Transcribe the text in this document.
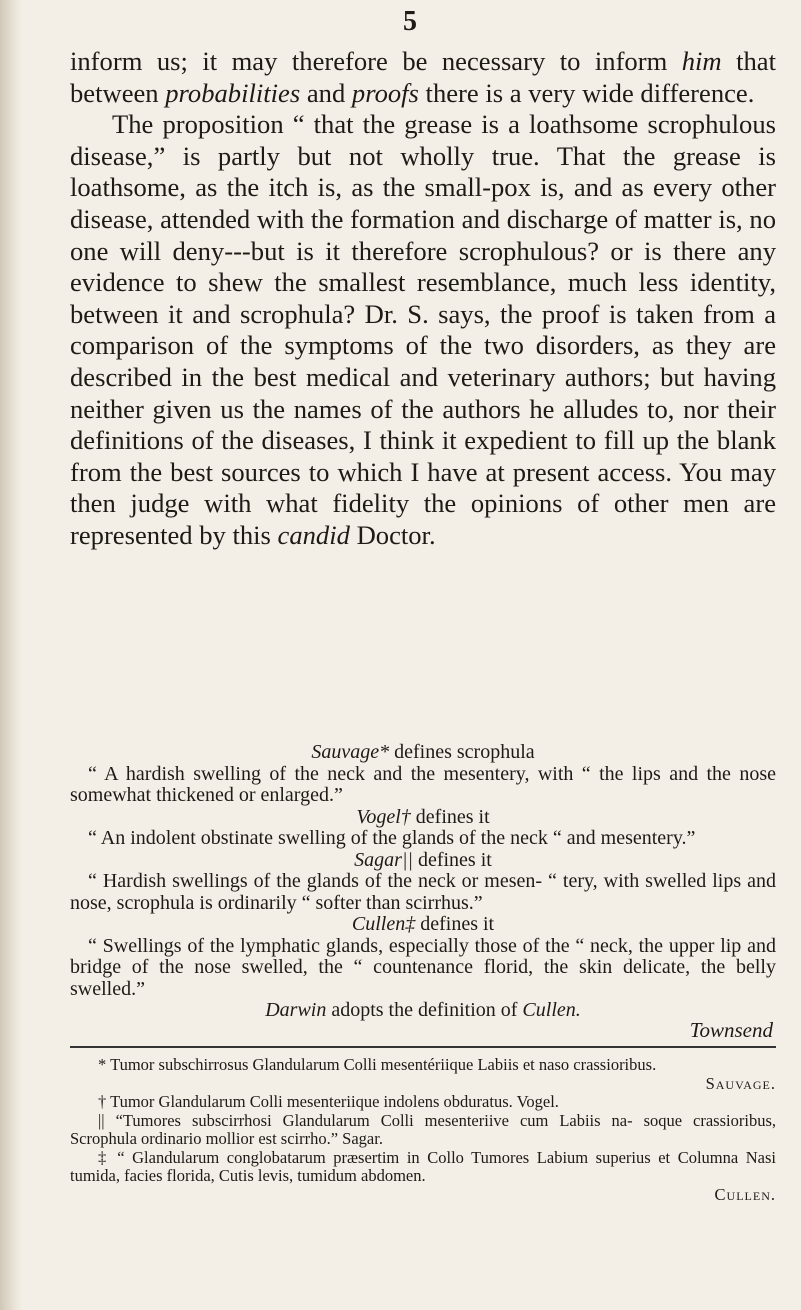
5

inform us; it may therefore be necessary to inform him that between probabilities and proofs there is a very wide difference.

The proposition “ that the grease is a loathsome scrophulous disease,” is partly but not wholly true. That the grease is loathsome, as the itch is, as the small-pox is, and as every other disease, attended with the formation and discharge of matter is, no one will deny---but is it therefore scrophulous? or is there any evidence to shew the smallest resemblance, much less identity, between it and scrophula? Dr. S. says, the proof is taken from a comparison of the symptoms of the two disorders, as they are described in the best medical and veterinary authors; but having neither given us the names of the authors he alludes to, nor their definitions of the diseases, I think it expedient to fill up the blank from the best sources to which I have at present access. You may then judge with what fidelity the opinions of other men are represented by this candid Doctor.

Sauvage* defines scrophula

“ A hardish swelling of the neck and the mesentery, with “ the lips and the nose somewhat thickened or enlarged.”

Vogel† defines it

“ An indolent obstinate swelling of the glands of the neck “ and mesentery.”

Sagar|| defines it

“ Hardish swellings of the glands of the neck or mesen- “ tery, with swelled lips and nose, scrophula is ordinarily “ softer than scirrhus.”

Cullen‡ defines it

“ Swellings of the lymphatic glands, especially those of the “ neck, the upper lip and bridge of the nose swelled, the “ countenance florid, the skin delicate, the belly swelled.”

Darwin adopts the definition of Cullen.

Townsend

* Tumor subschirrosus Glandularum Colli mesentériique Labiis et naso crassioribus.

Sauvage.

† Tumor Glandularum Colli mesenteriique indolens obduratus. Vogel.

|| “Tumores subscirrhosi Glandularum Colli mesenteriive cum Labiis na- soque crassioribus, Scrophula ordinario mollior est scirrho.” Sagar.

‡ “ Glandularum conglobatarum præsertim in Collo Tumores Labium superius et Columna Nasi tumida, facies florida, Cutis levis, tumidum abdomen.

Cullen.
